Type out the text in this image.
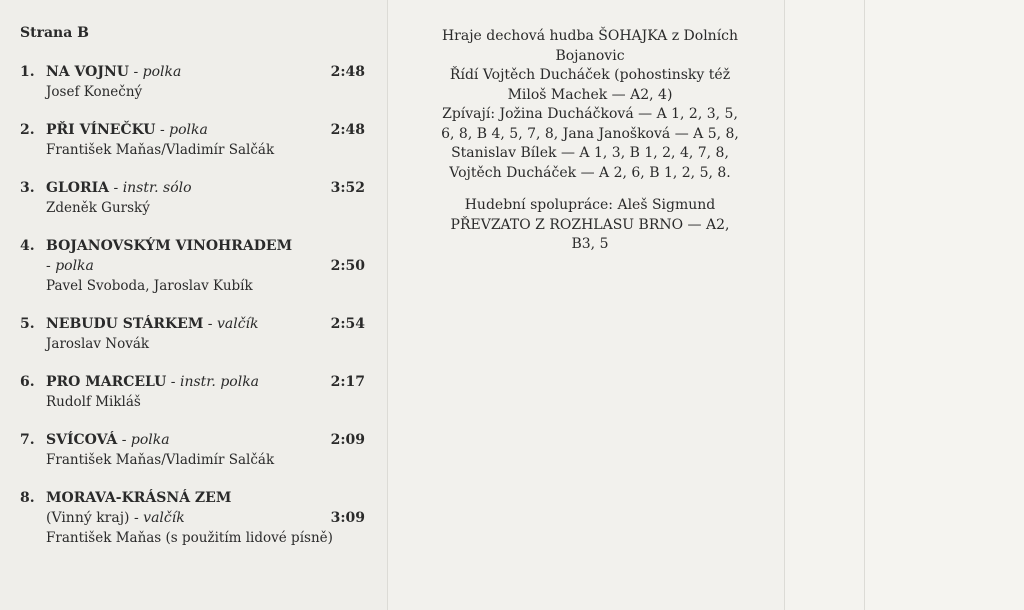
Strana B
1. NA VOJNU - polka	2:48
Josef Konečný
2. PŘI VÍNEČKU - polka	2:48
František Maňas/Vladimír Salčák
3. GLORIA - instr. sólo	3:52
Zdeněk Gurský
4. BOJANOVSKÝM VINOHRADEM
- polka	2:50
Pavel Svoboda, Jaroslav Kubík
5. NEBUDU STÁRKEM - valčík	2:54
Jaroslav Novák
6. PRO MARCELU - instr. polka	2:17
Rudolf Mikláš
7. SVÍCOVÁ - polka	2:09
František Maňas/Vladimír Salčák
8. MORAVA-KRÁSNÁ ZEM
(Vinný kraj) - valčík	3:09
František Maňas (s použitím lidové písně)

Hraje dechová hudba ŠOHAJKA z Dolních

Bojanovic

Řídí Vojtěch Ducháček (pohostinsky též

Miloš Machek — A2, 4)

Zpívají: Jožina Ducháčková — A 1, 2, 3, 5,

6, 8, B 4, 5, 7, 8, Jana Janošková — A 5, 8,

Stanislav Bílek — A 1, 3, B 1, 2, 4, 7, 8,

Vojtěch Ducháček — A 2, 6, B 1, 2, 5, 8.

Hudební spolupráce: Aleš Sigmund

PŘEVZATO Z ROZHLASU BRNO — A2,

B3, 5
